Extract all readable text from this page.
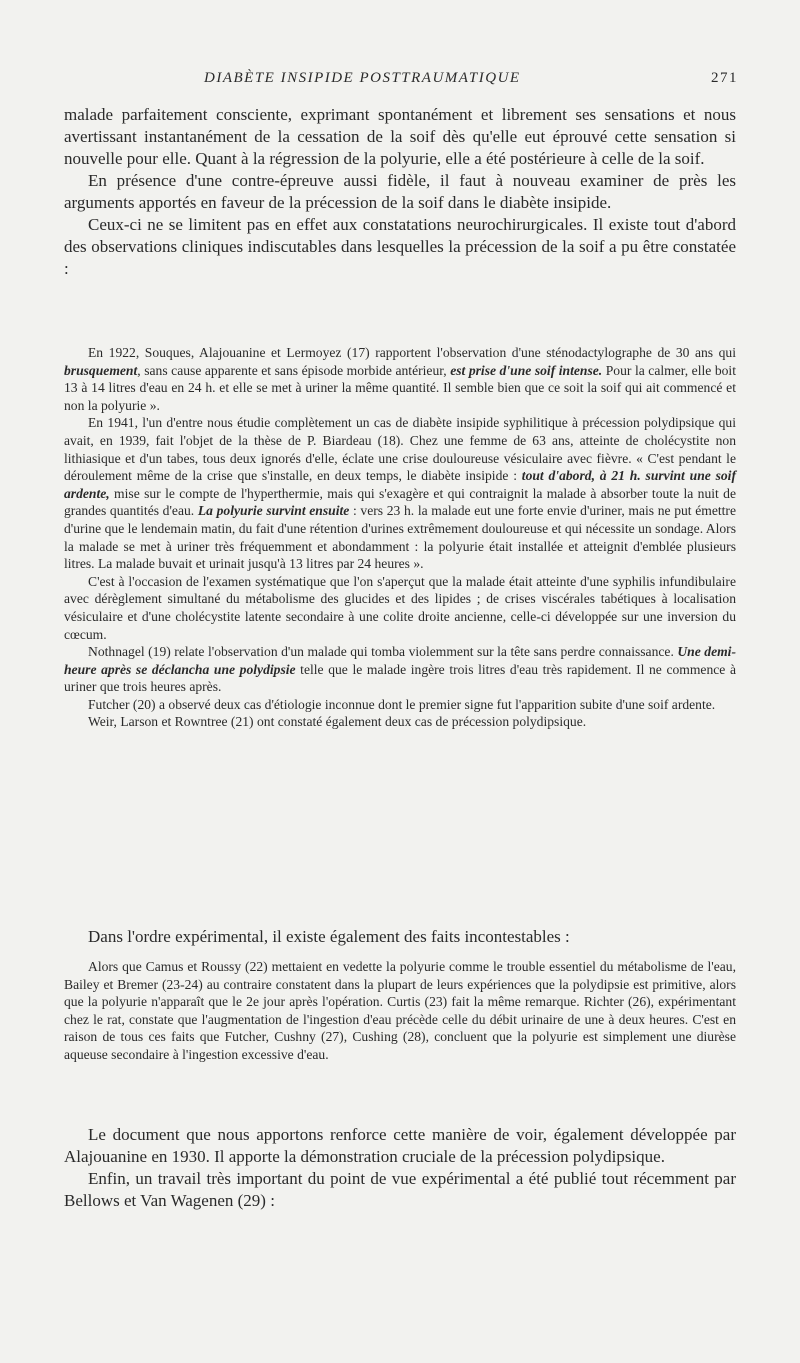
DIABÈTE INSIPIDE POSTTRAUMATIQUE	271

malade parfaitement consciente, exprimant spontanément et librement ses sensations et nous avertissant instantanément de la cessation de la soif dès qu'elle eut éprouvé cette sensation si nouvelle pour elle. Quant à la régression de la polyurie, elle a été postérieure à celle de la soif.

En présence d'une contre-épreuve aussi fidèle, il faut à nouveau examiner de près les arguments apportés en faveur de la précession de la soif dans le diabète insipide.

Ceux-ci ne se limitent pas en effet aux constatations neurochirurgicales. Il existe tout d'abord des observations cliniques indiscutables dans lesquelles la précession de la soif a pu être constatée :

En 1922, Souques, Alajouanine et Lermoyez (17) rapportent l'observation d'une sténodactylographe de 30 ans qui brusquement, sans cause apparente et sans épisode morbide antérieur, est prise d'une soif intense. Pour la calmer, elle boit 13 à 14 litres d'eau en 24 h. et elle se met à uriner la même quantité. Il semble bien que ce soit la soif qui ait commencé et non la polyurie ».

En 1941, l'un d'entre nous étudie complètement un cas de diabète insipide syphilitique à précession polydipsique qui avait, en 1939, fait l'objet de la thèse de P. Biardeau (18). Chez une femme de 63 ans, atteinte de cholécystite non lithiasique et d'un tabes, tous deux ignorés d'elle, éclate une crise douloureuse vésiculaire avec fièvre. « C'est pendant le déroulement même de la crise que s'installe, en deux temps, le diabète insipide : tout d'abord, à 21 h. survint une soif ardente, mise sur le compte de l'hyperthermie, mais qui s'exagère et qui contraignit la malade à absorber toute la nuit de grandes quantités d'eau. La polyurie survint ensuite : vers 23 h. la malade eut une forte envie d'uriner, mais ne put émettre d'urine que le lendemain matin, du fait d'une rétention d'urines extrêmement douloureuse et qui nécessite un sondage. Alors la malade se met à uriner très fréquemment et abondamment : la polyurie était installée et atteignit d'emblée plusieurs litres. La malade buvait et urinait jusqu'à 13 litres par 24 heures ».

C'est à l'occasion de l'examen systématique que l'on s'aperçut que la malade était atteinte d'une syphilis infundibulaire avec dérèglement simultané du métabolisme des glucides et des lipides ; de crises viscérales tabétiques à localisation vésiculaire et d'une cholécystite latente secondaire à une colite droite ancienne, celle-ci développée sur une inversion du cœcum.

Nothnagel (19) relate l'observation d'un malade qui tomba violemment sur la tête sans perdre connaissance. Une demi-heure après se déclancha une polydipsie telle que le malade ingère trois litres d'eau très rapidement. Il ne commence à uriner que trois heures après.

Futcher (20) a observé deux cas d'étiologie inconnue dont le premier signe fut l'apparition subite d'une soif ardente.

Weir, Larson et Rowntree (21) ont constaté également deux cas de précession polydipsique.

Dans l'ordre expérimental, il existe également des faits incontestables :

Alors que Camus et Roussy (22) mettaient en vedette la polyurie comme le trouble essentiel du métabolisme de l'eau, Bailey et Bremer (23-24) au contraire constatent dans la plupart de leurs expériences que la polydipsie est primitive, alors que la polyurie n'apparaît que le 2e jour après l'opération. Curtis (23) fait la même remarque. Richter (26), expérimentant chez le rat, constate que l'augmentation de l'ingestion d'eau précède celle du débit urinaire de une à deux heures. C'est en raison de tous ces faits que Futcher, Cushny (27), Cushing (28), concluent que la polyurie est simplement une diurèse aqueuse secondaire à l'ingestion excessive d'eau.

Le document que nous apportons renforce cette manière de voir, également développée par Alajouanine en 1930. Il apporte la démonstration cruciale de la précession polydipsique.

Enfin, un travail très important du point de vue expérimental a été publié tout récemment par Bellows et Van Wagenen (29) :
